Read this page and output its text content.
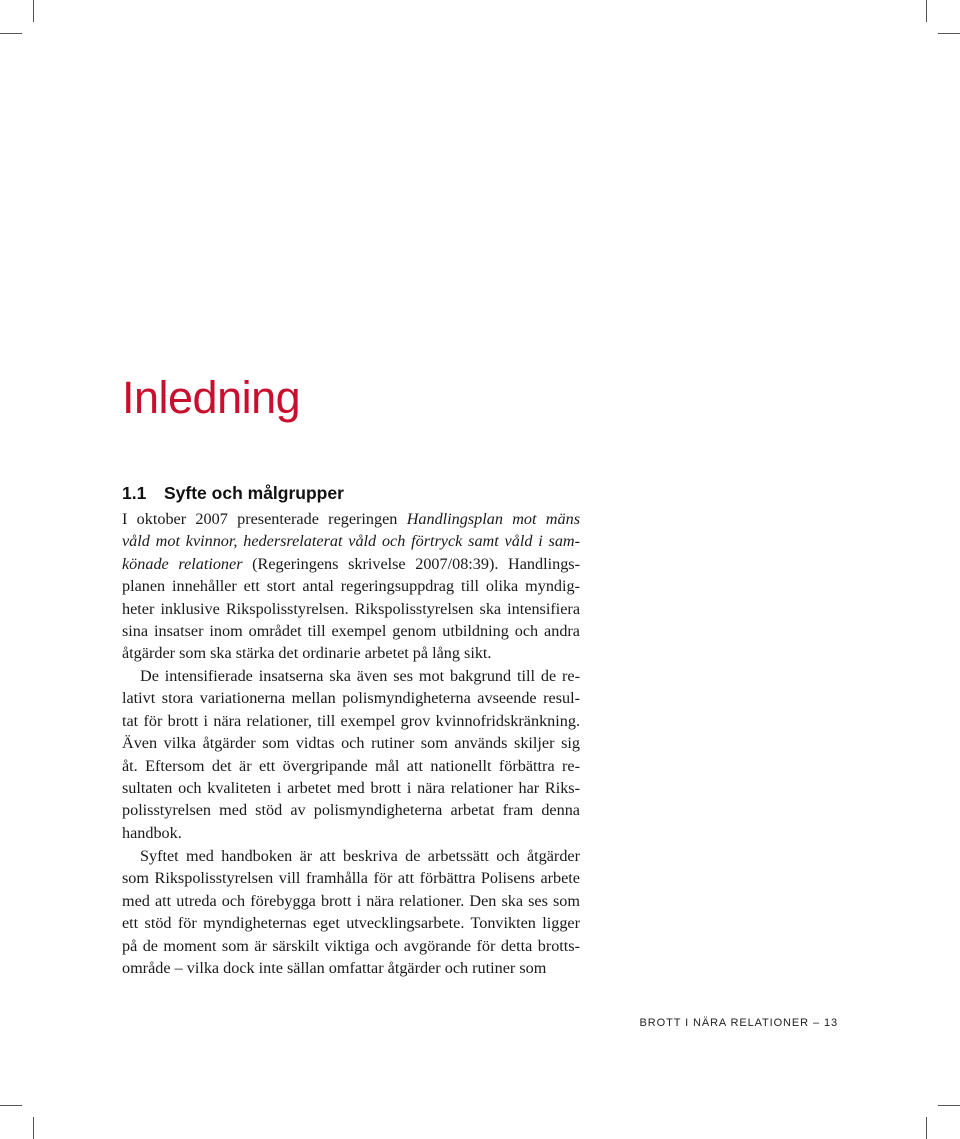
Inledning
1.1 Syfte och målgrupper
I oktober 2007 presenterade regeringen Handlingsplan mot mäns
våld mot kvinnor, hedersrelaterat våld och förtryck samt våld i sam-
könade relationer (Regeringens skrivelse 2007/08:39). Handlings-
planen innehåller ett stort antal regeringsuppdrag till olika myndig-
heter inklusive Rikspolisstyrelsen. Rikspolisstyrelsen ska intensifiera
sina insatser inom området till exempel genom utbildning och andra
åtgärder som ska stärka det ordinarie arbetet på lång sikt.
De intensifierade insatserna ska även ses mot bakgrund till de re-
lativt stora variationerna mellan polismyndigheterna avseende resul-
tat för brott i nära relationer, till exempel grov kvinnofridskränkning.
Även vilka åtgärder som vidtas och rutiner som används skiljer sig
åt. Eftersom det är ett övergripande mål att nationellt förbättra re-
sultaten och kvaliteten i arbetet med brott i nära relationer har Riks-
polisstyrelsen med stöd av polismyndigheterna arbetat fram denna
handbok.
Syftet med handboken är att beskriva de arbetssätt och åtgärder
som Rikspolisstyrelsen vill framhålla för att förbättra Polisens arbete
med att utreda och förebygga brott i nära relationer. Den ska ses som
ett stöd för myndigheternas eget utvecklingsarbete. Tonvikten ligger
på de moment som är särskilt viktiga och avgörande för detta brotts-
område – vilka dock inte sällan omfattar åtgärder och rutiner som
BROTT I NÄRA RELATIONER – 13
